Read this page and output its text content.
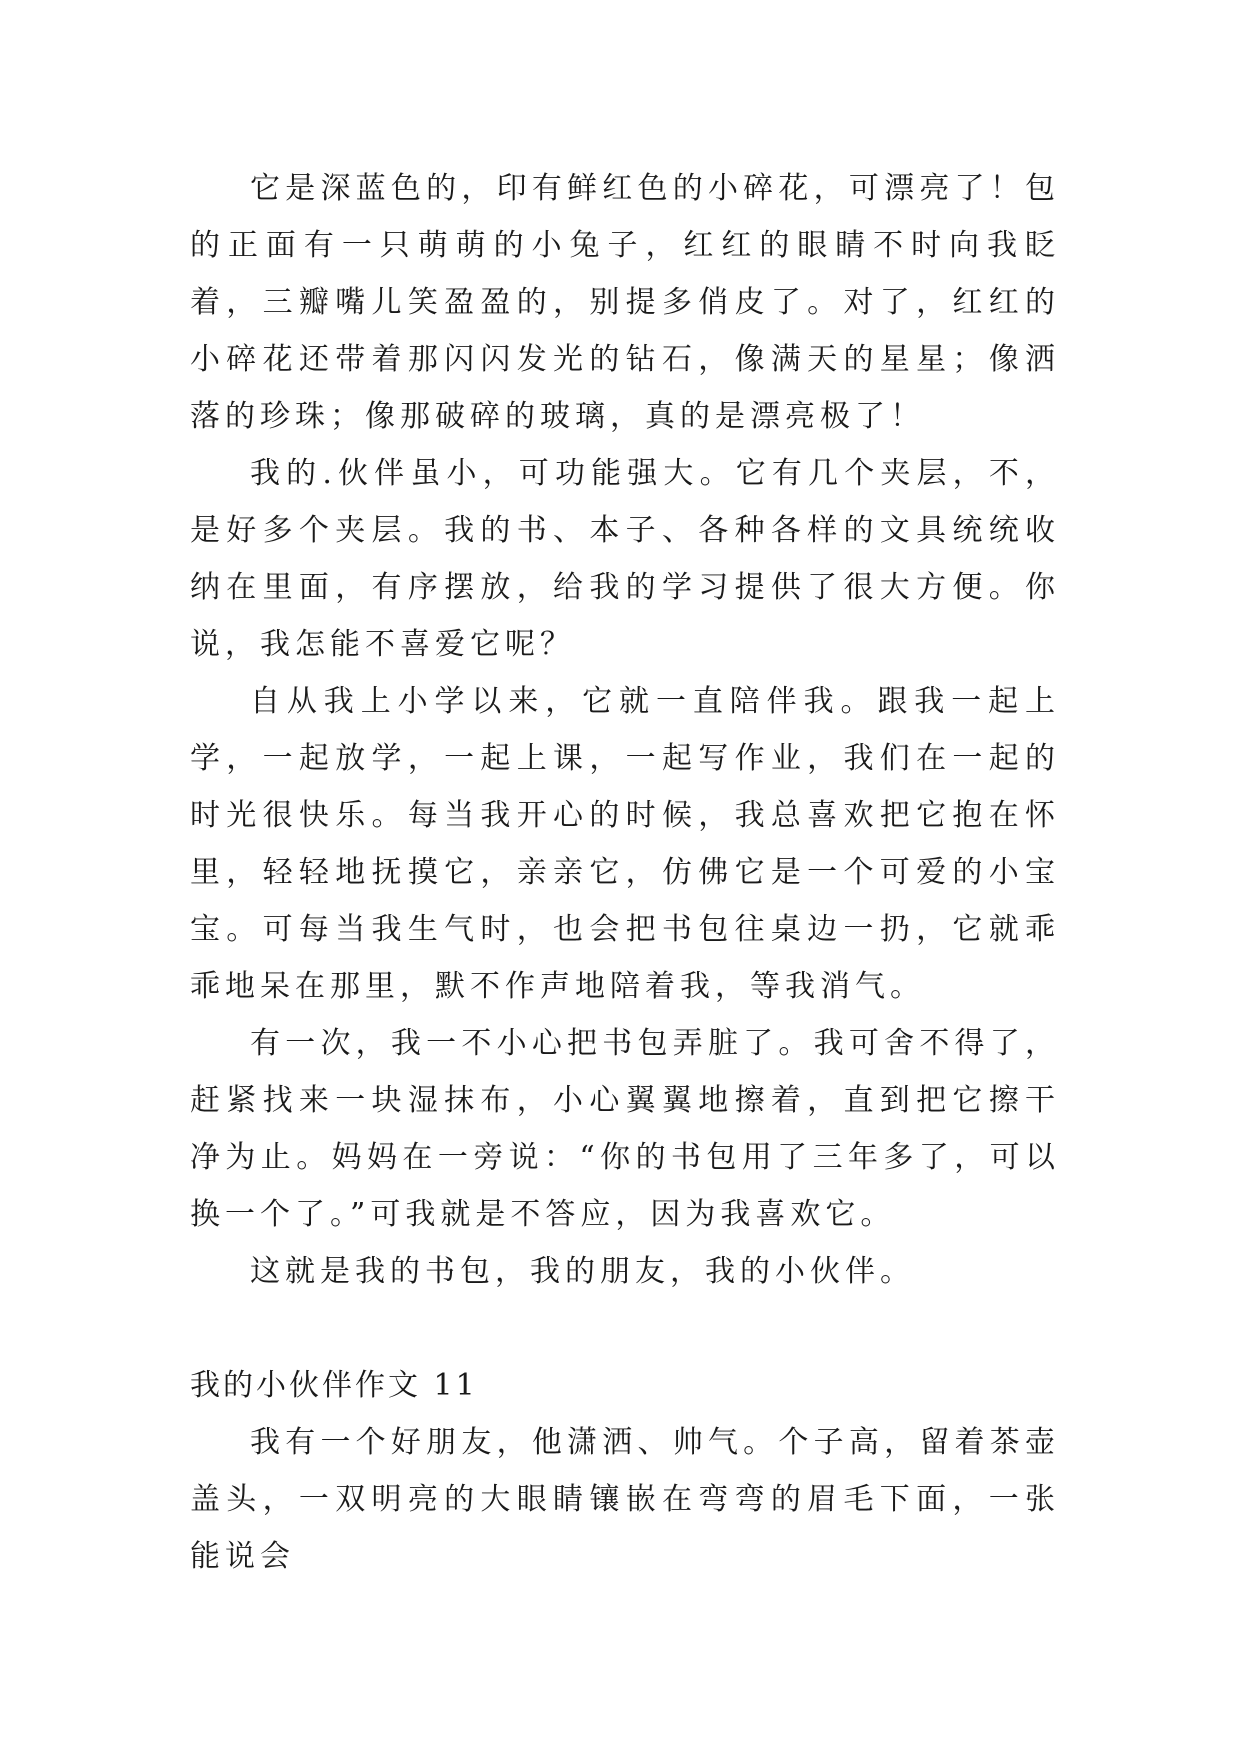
它是深蓝色的，印有鲜红色的小碎花，可漂亮了！包的正面有一只萌萌的小兔子，红红的眼睛不时向我眨着，三瓣嘴儿笑盈盈的，别提多俏皮了。对了，红红的小碎花还带着那闪闪发光的钻石，像满天的星星；像洒落的珍珠；像那破碎的玻璃，真的是漂亮极了！

我的.伙伴虽小，可功能强大。它有几个夹层，不，是好多个夹层。我的书、本子、各种各样的文具统统收纳在里面，有序摆放，给我的学习提供了很大方便。你说，我怎能不喜爱它呢？

自从我上小学以来，它就一直陪伴我。跟我一起上学，一起放学，一起上课，一起写作业，我们在一起的时光很快乐。每当我开心的时候，我总喜欢把它抱在怀里，轻轻地抚摸它，亲亲它，仿佛它是一个可爱的小宝宝。可每当我生气时，也会把书包往桌边一扔，它就乖乖地呆在那里，默不作声地陪着我，等我消气。

有一次，我一不小心把书包弄脏了。我可舍不得了，赶紧找来一块湿抹布，小心翼翼地擦着，直到把它擦干净为止。妈妈在一旁说：“你的书包用了三年多了，可以换一个了。”可我就是不答应，因为我喜欢它。

这就是我的书包，我的朋友，我的小伙伴。

我的小伙伴作文 11

我有一个好朋友，他潇洒、帅气。个子高，留着茶壶盖头，一双明亮的大眼睛镶嵌在弯弯的眉毛下面，一张能说会
